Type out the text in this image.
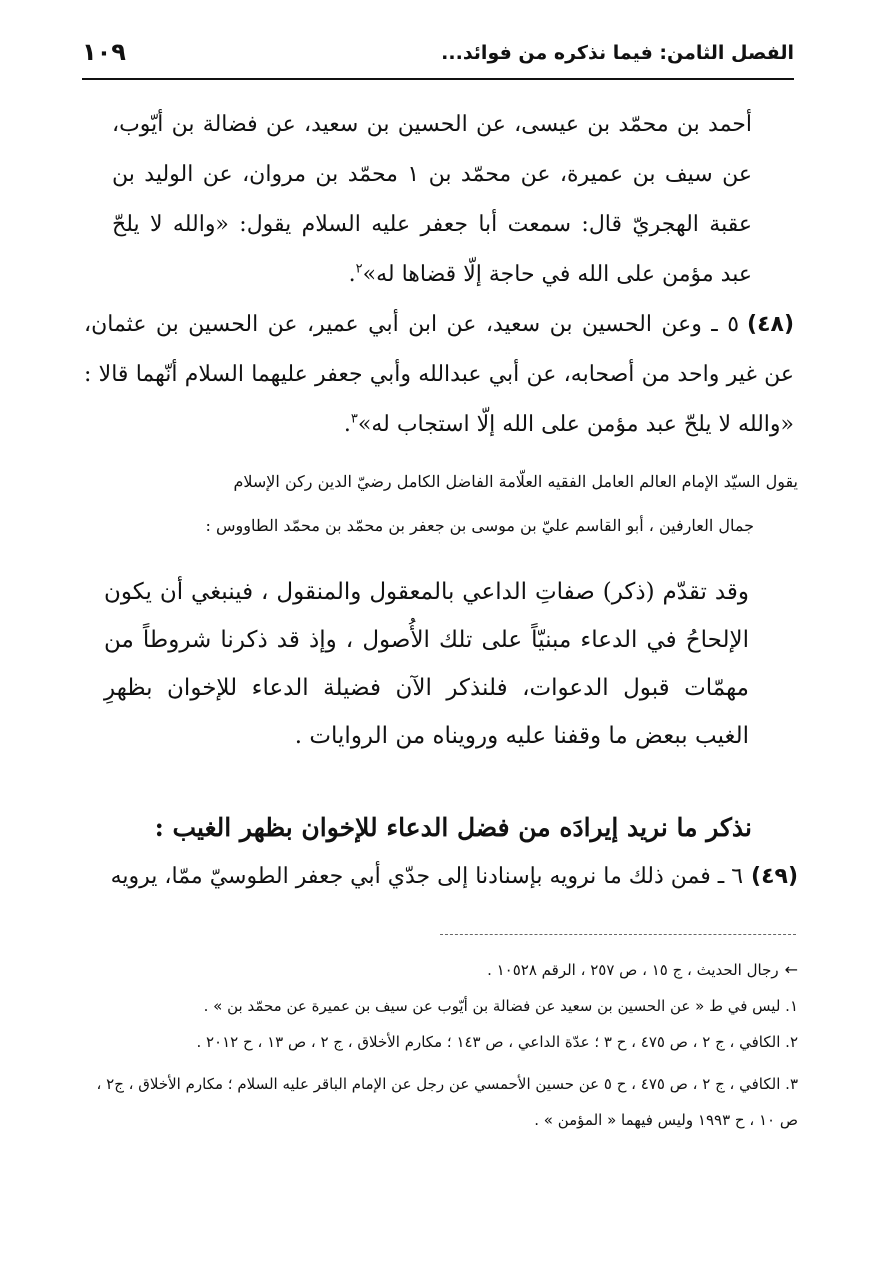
الفصل الثامن: فيما نذكره من فوائد...
١٠٩
أحمد بن محمّد بن عيسى، عن الحسين بن سعيد، عن فضالة بن أيّوب، عن سيف بن عميرة، عن محمّد بن ١ محمّد بن مروان، عن الوليد بن عقبة الهجريّ قال: سمعت أبا جعفر عليه السلام يقول: «والله لا يلحّ عبد مؤمن على الله في حاجة إلّا قضاها له»$^٢$.
(٤٨)٥ ـ وعن الحسين بن سعيد، عن ابن أبي عمير، عن الحسين بن عثمان، عن غير واحد من أصحابه، عن أبي عبدالله وأبي جعفر عليهما السلام أنّهما قالا : «والله لا يلحّ عبد مؤمن على الله إلّا استجاب له»$^٣$.
يقول السيّد الإمام العالم العامل الفقيه العلّامة الفاضل الكامل رضيّ الدين ركن الإسلام
جمال العارفين ، أبو القاسم عليّ بن موسى بن جعفر بن محمّد بن محمّد الطاووس :
وقد تقدّم (ذكر) صفاتِ الداعي بالمعقول والمنقول ، فينبغي أن يكون الإلحاحُ في الدعاء مبنيّاً على تلك الأُصول ، وإذ قد ذكرنا شروطاً من مهمّات قبول الدعوات، فلنذكر الآن فضيلة الدعاء للإخوان بظهرِ الغيب ببعض ما وقفنا عليه ورويناه من الروايات .
نذكر ما نريد إيرادَه من فضل الدعاء للإخوان بظهر الغيب :
(٤٩)٦ ـ فمن ذلك ما نرويه بإسنادنا إلى جدّي أبي جعفر الطوسيّ ممّا، يرويه
←رجال الحديث ، ج ١٥ ، ص ٢٥٧ ، الرقم ١٠٥٢٨ .
١. ليس في ط « عن الحسين بن سعيد عن فضالة بن أيّوب عن سيف بن عميرة عن محمّد بن » .
٢. الكافي ، ج ٢ ، ص ٤٧٥ ، ح ٣ ؛ عدّة الداعي ، ص ١٤٣ ؛ مكارم الأخلاق ، ج ٢ ، ص ١٣ ، ح ٢٠١٢ .
٣. الكافي ، ج ٢ ، ص ٤٧٥ ، ح ٥ عن حسين الأحمسي عن رجل عن الإمام الباقر عليه السلام ؛ مكارم الأخلاق ، ج٢ ، ص ١٠ ، ح ١٩٩٣ وليس فيهما « المؤمن » .
